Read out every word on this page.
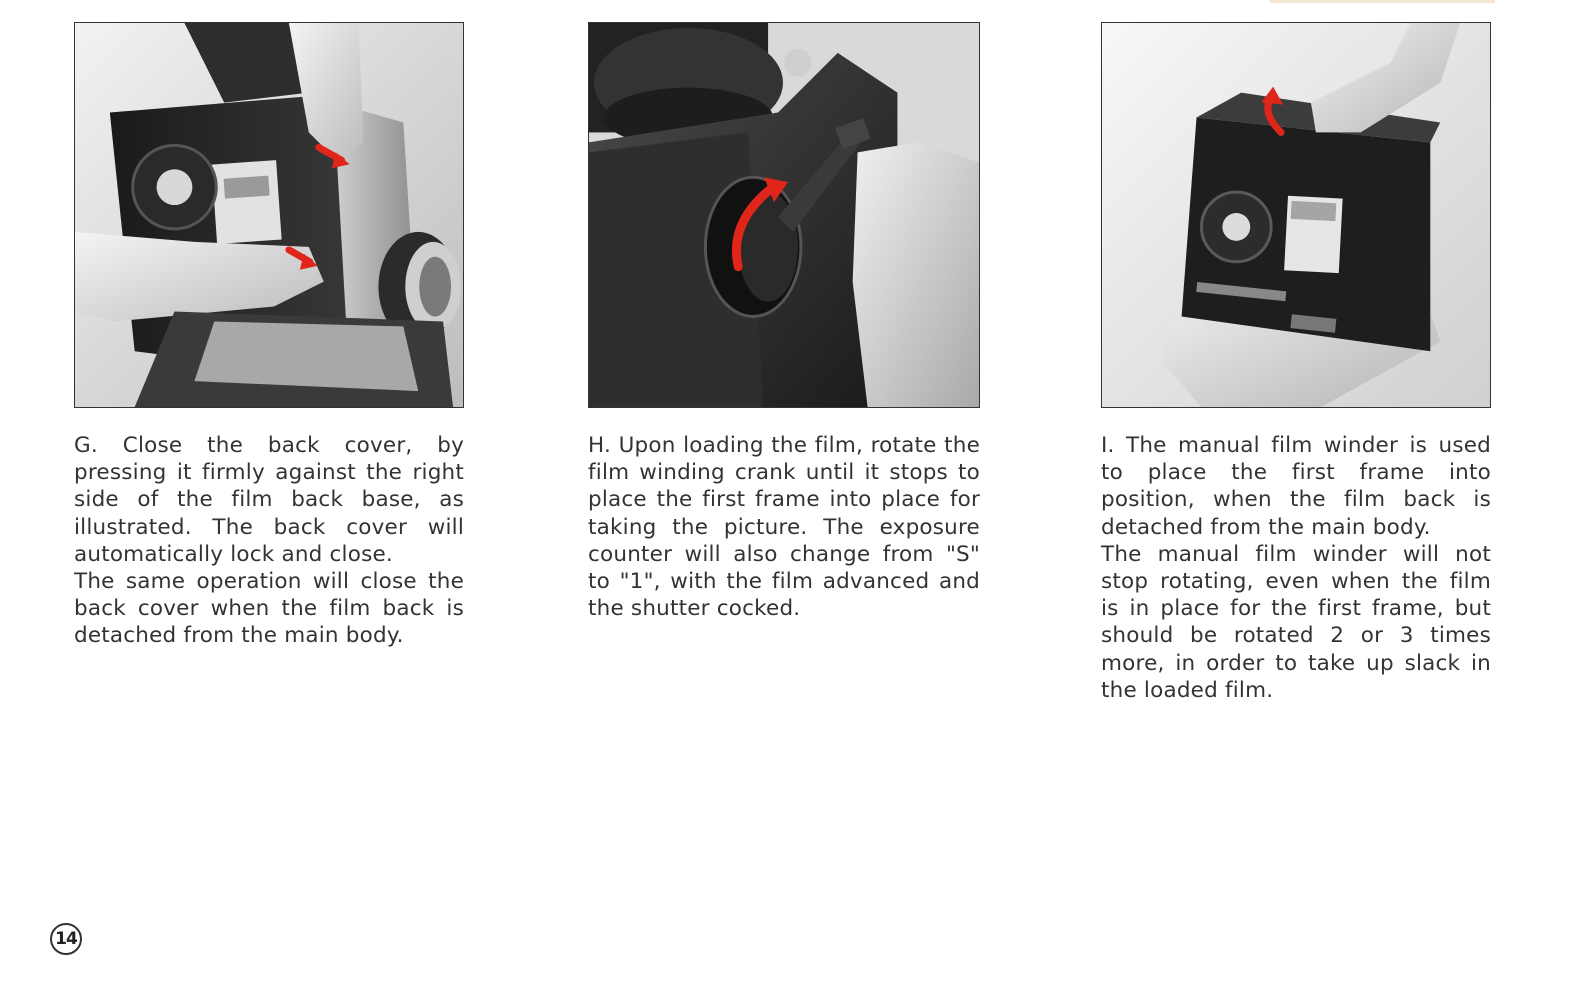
G. Close the back cover, by pressing it firmly against the right side of the film back base, as illustrated. The back cover will automatically lock and close.

The same operation will close the back cover when the film back is detached from the main body.

H. Upon loading the film, rotate the film winding crank until it stops to place the first frame into place for taking the picture. The exposure counter will also change from "S" to "1", with the film advanced and the shutter cocked.

I. The manual film winder is used to place the first frame into position, when the film back is detached from the main body.

The manual film winder will not stop rotating, even when the film is in place for the first frame, but should be rotated 2 or 3 times more, in order to take up slack in the loaded film.

14
